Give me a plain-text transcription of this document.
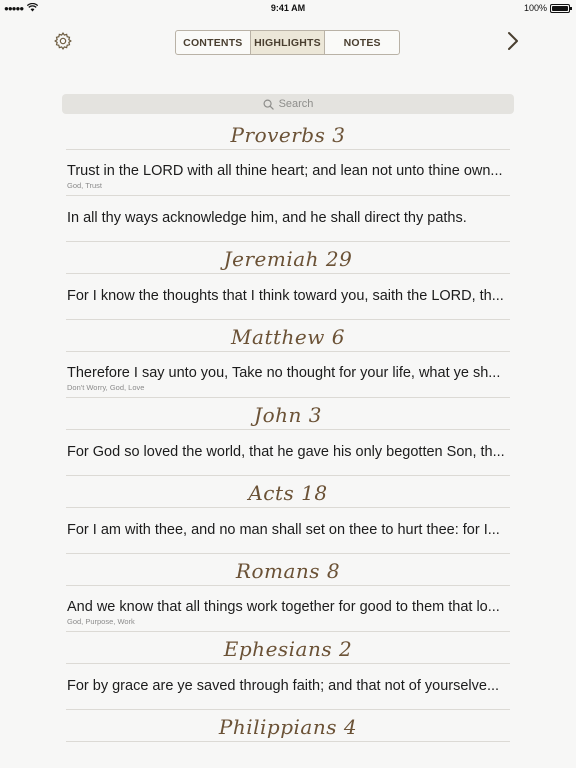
●●●●●	9:41 AM	100%
CONTENTS	HIGHLIGHTS	NOTES
Search
Proverbs 3
Trust in the LORD with all thine heart; and lean not unto thine own...
God, Trust
In all thy ways acknowledge him, and he shall direct thy paths.
Jeremiah 29
For I know the thoughts that I think toward you, saith the LORD, th...
Matthew 6
Therefore I say unto you, Take no thought for your life, what ye sh...
Don't Worry, God, Love
John 3
For God so loved the world, that he gave his only begotten Son, th...
Acts 18
For I am with thee, and no man shall set on thee to hurt thee: for I...
Romans 8
And we know that all things work together for good to them that lo...
God, Purpose, Work
Ephesians 2
For by grace are ye saved through faith; and that not of yourselve...
Philippians 4
